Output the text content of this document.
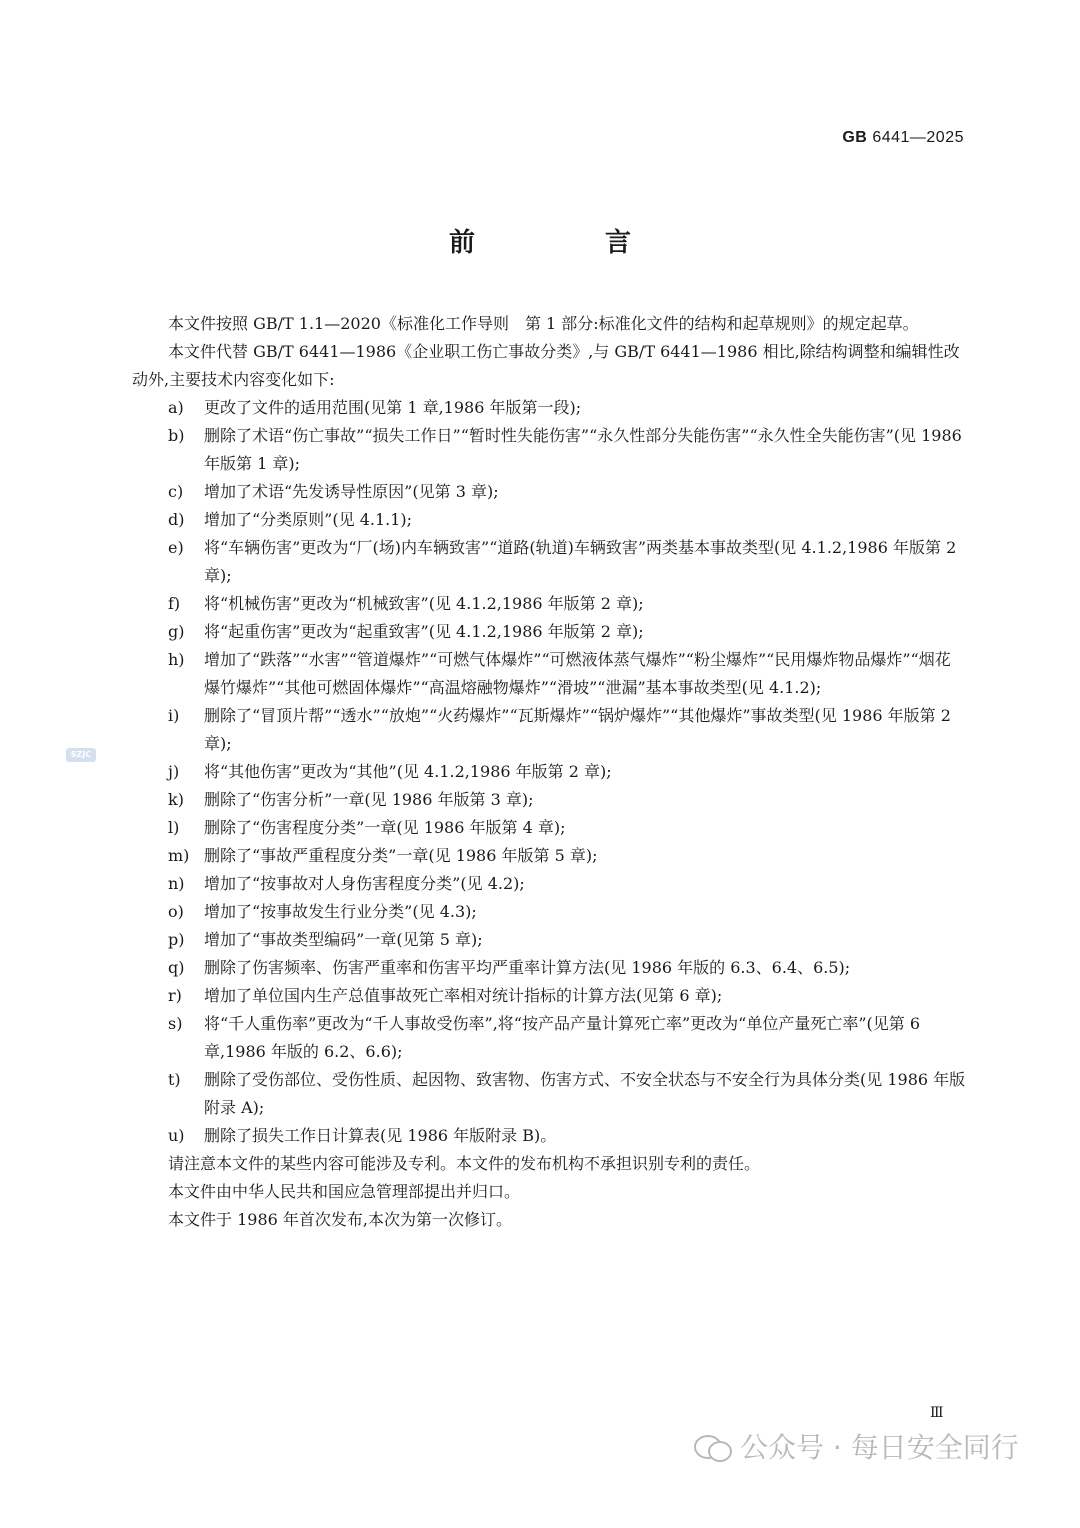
GB 6441—2025
前　言

本文件按照 GB/T 1.1—2020《标准化工作导则　第 1 部分:标准化文件的结构和起草规则》的规定起草。

本文件代替 GB/T 6441—1986《企业职工伤亡事故分类》,与 GB/T 6441—1986 相比,除结构调整和编辑性改动外,主要技术内容变化如下:

a) 更改了文件的适用范围(见第 1 章,1986 年版第一段);

b) 删除了术语“伤亡事故”“损失工作日”“暂时性失能伤害”“永久性部分失能伤害”“永久性全失能伤害”(见 1986 年版第 1 章);

c) 增加了术语“先发诱导性原因”(见第 3 章);

d) 增加了“分类原则”(见 4.1.1);

e) 将“车辆伤害”更改为“厂(场)内车辆致害”“道路(轨道)车辆致害”两类基本事故类型(见 4.1.2,1986 年版第 2 章);

f) 将“机械伤害”更改为“机械致害”(见 4.1.2,1986 年版第 2 章);

g) 将“起重伤害”更改为“起重致害”(见 4.1.2,1986 年版第 2 章);

h) 增加了“跌落”“水害”“管道爆炸”“可燃气体爆炸”“可燃液体蒸气爆炸”“粉尘爆炸”“民用爆炸物品爆炸”“烟花爆竹爆炸”“其他可燃固体爆炸”“高温熔融物爆炸”“滑坡”“泄漏”基本事故类型(见 4.1.2);

i) 删除了“冒顶片帮”“透水”“放炮”“火药爆炸”“瓦斯爆炸”“锅炉爆炸”“其他爆炸”事故类型(见 1986 年版第 2 章);

j) 将“其他伤害”更改为“其他”(见 4.1.2,1986 年版第 2 章);

k) 删除了“伤害分析”一章(见 1986 年版第 3 章);

l) 删除了“伤害程度分类”一章(见 1986 年版第 4 章);

m) 删除了“事故严重程度分类”一章(见 1986 年版第 5 章);

n) 增加了“按事故对人身伤害程度分类”(见 4.2);

o) 增加了“按事故发生行业分类”(见 4.3);

p) 增加了“事故类型编码”一章(见第 5 章);

q) 删除了伤害频率、伤害严重率和伤害平均严重率计算方法(见 1986 年版的 6.3、6.4、6.5);

r) 增加了单位国内生产总值事故死亡率相对统计指标的计算方法(见第 6 章);

s) 将“千人重伤率”更改为“千人事故受伤率”,将“按产品产量计算死亡率”更改为“单位产量死亡率”(见第 6 章,1986 年版的 6.2、6.6);

t) 删除了受伤部位、受伤性质、起因物、致害物、伤害方式、不安全状态与不安全行为具体分类(见 1986 年版附录 A);

u) 删除了损失工作日计算表(见 1986 年版附录 B)。

请注意本文件的某些内容可能涉及专利。本文件的发布机构不承担识别专利的责任。

本文件由中华人民共和国应急管理部提出并归口。

本文件于 1986 年首次发布,本次为第一次修订。

SZJC
Ⅲ
公众号 · 每日安全同行
